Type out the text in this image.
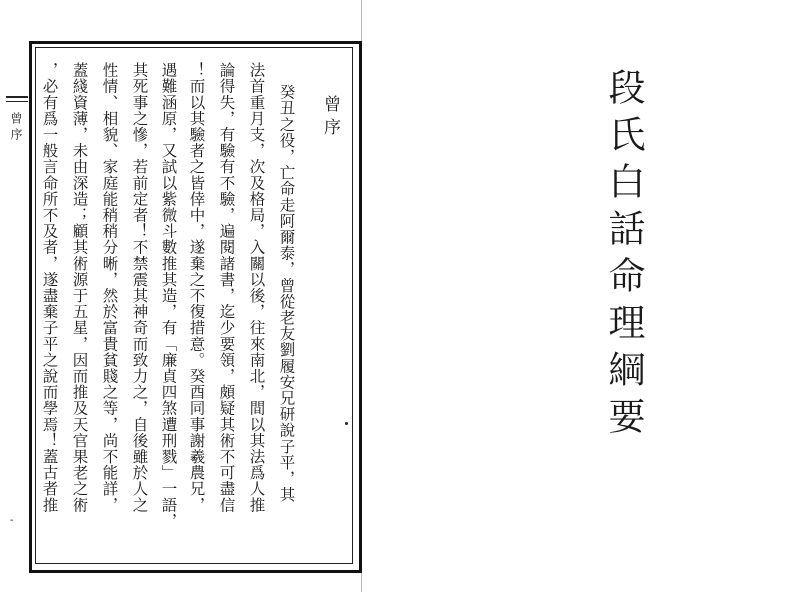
曾序
-
曾序
癸丑之役，亡命走阿爾泰，曾從老友劉履安兄研說子平，其
法首重月支，次及格局，入關以後，往來南北，間以其法爲人推
論得失，有驗有不驗，遍閱諸書，迄少要領，頗疑其術不可盡信
！而以其驗者之皆倖中，遂棄之不復措意。癸酉同事謝羲農兄，
遇難涵原，又試以紫微斗數推其造，有「廉貞四煞遭刑戮」一語，
其死事之慘，若前定者！不禁震其神奇而致力之，自後雖於人之
性情、相貌、家庭能稍稍分晰，然於富貴貧賤之等，尚不能詳，
蓋綫資薄，未由深造；顧其術源于五星，因而推及天官果老之術
，必有爲一般言命所不及者，遂盡棄子平之說而學焉！蓋古者推	段氏白話命理綱要
